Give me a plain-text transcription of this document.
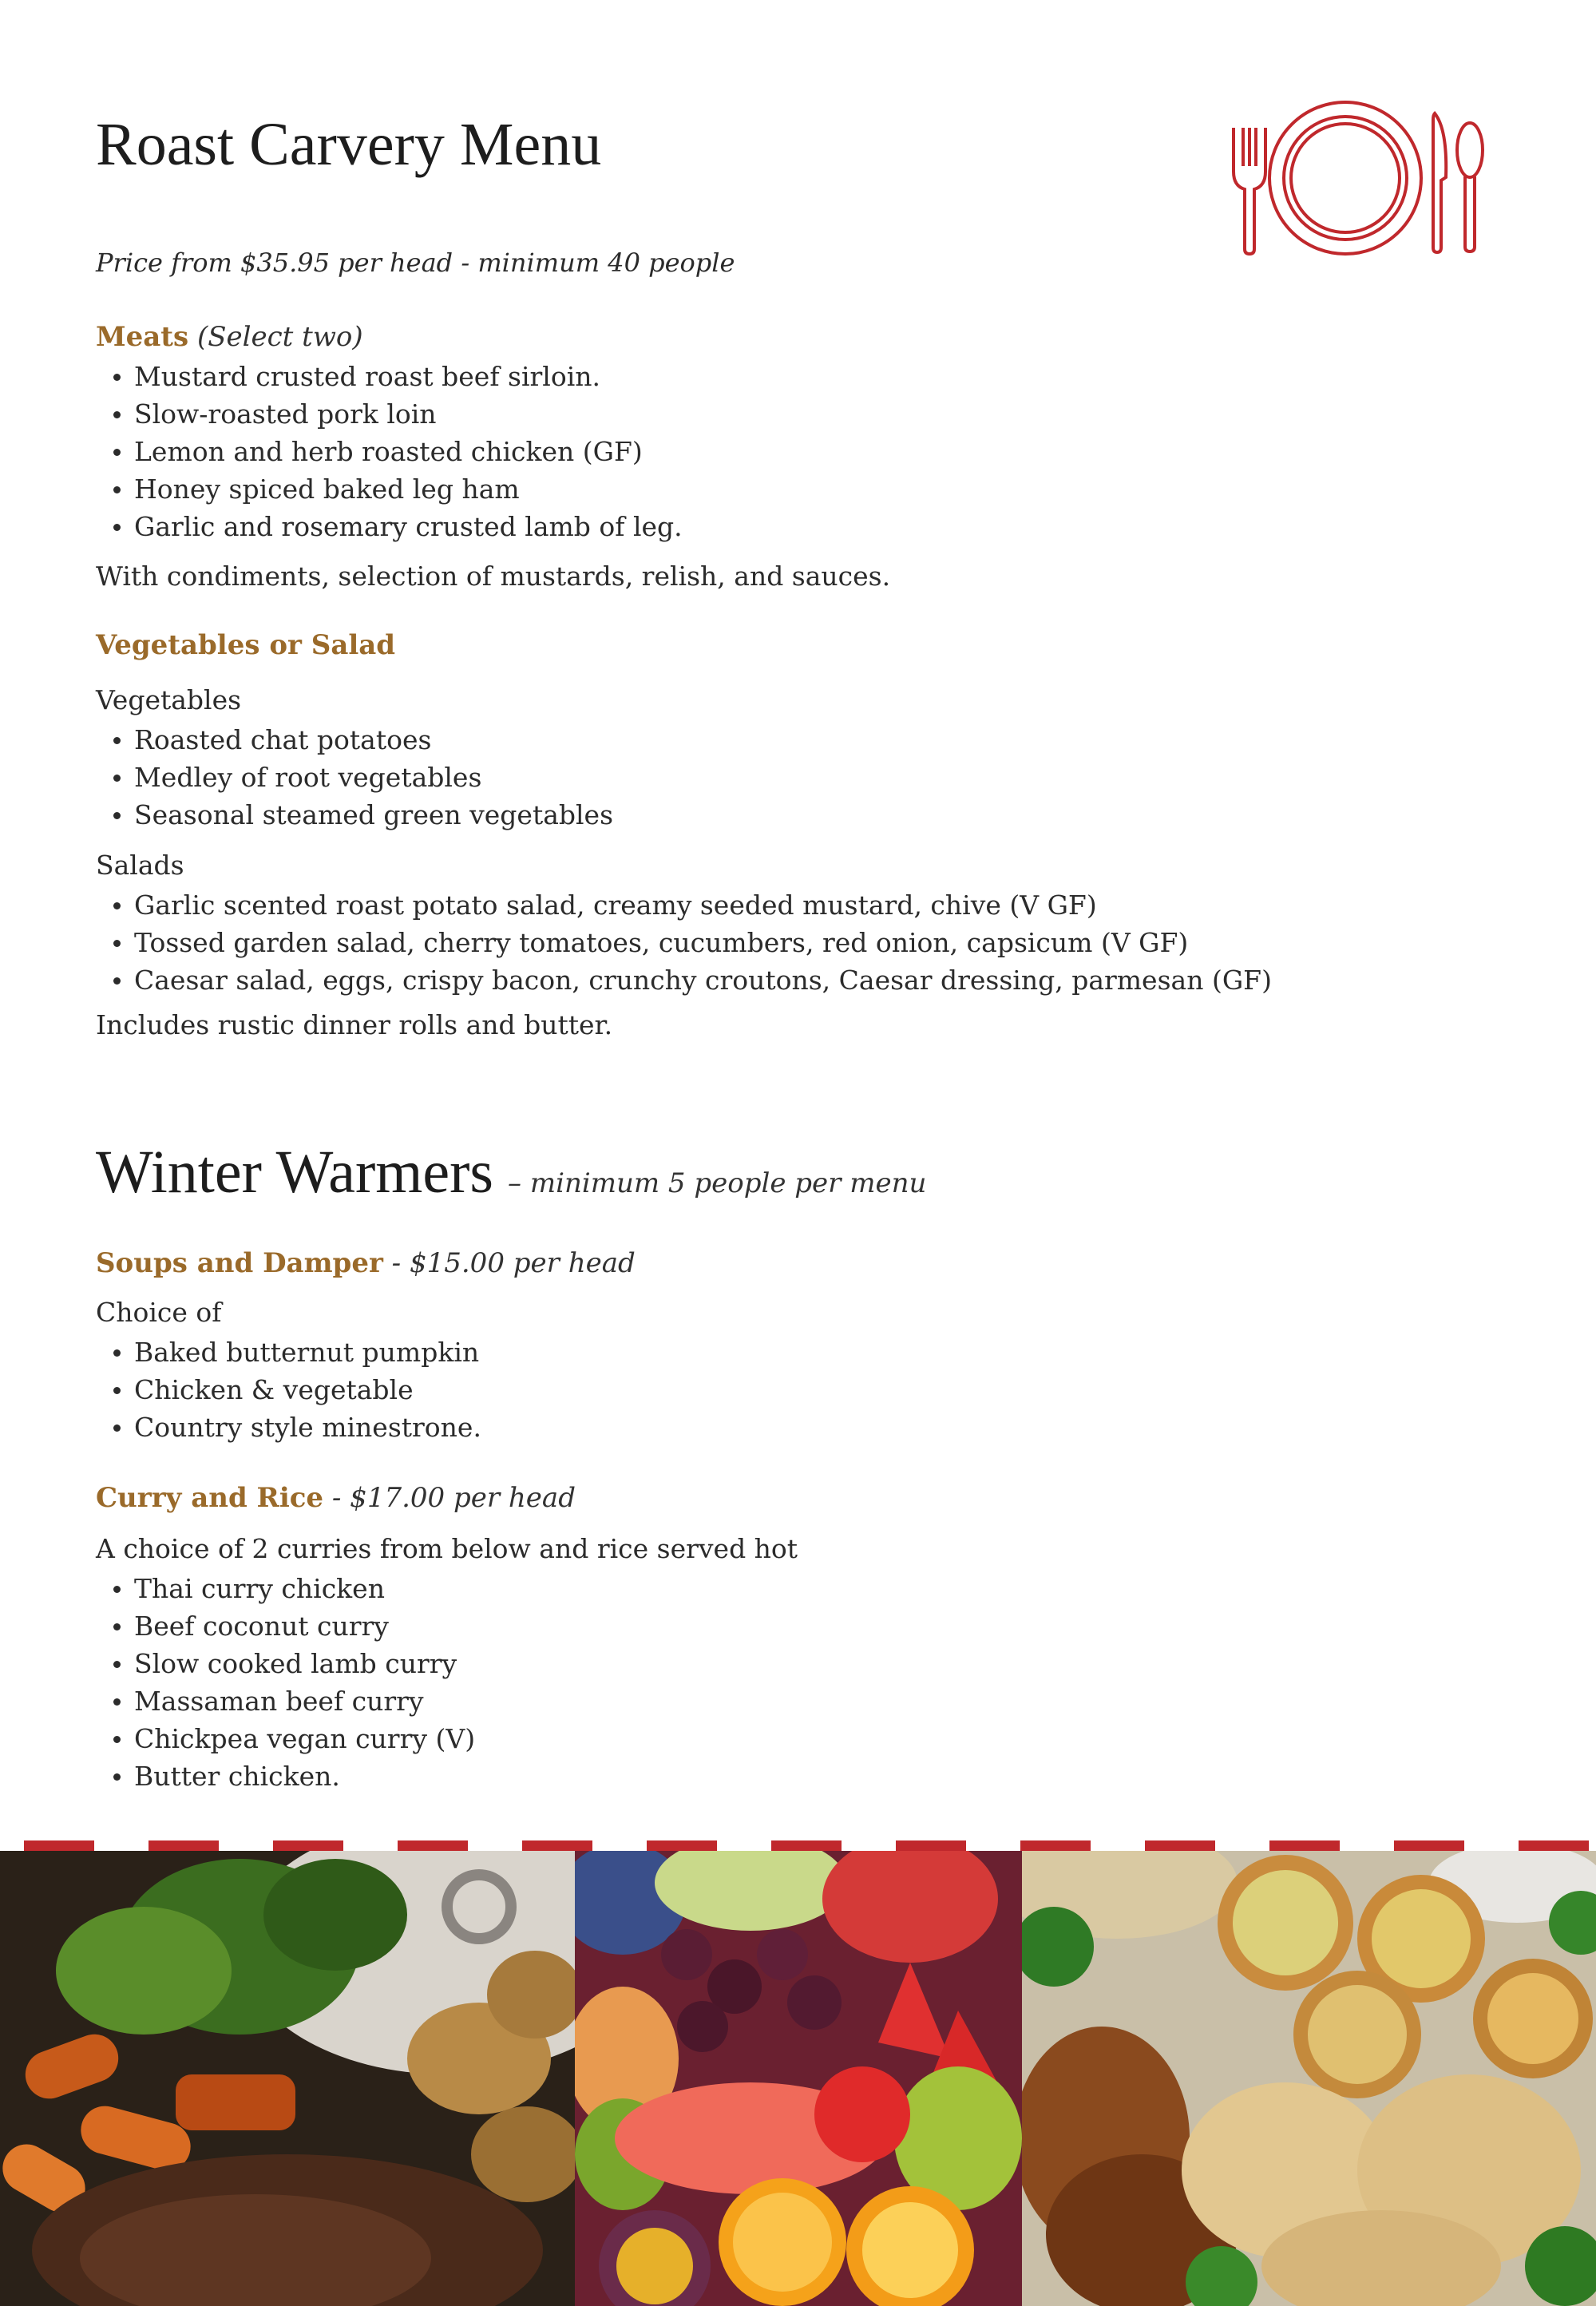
Roast Carvery Menu
Price from $35.95 per head - minimum 40 people
Meats (Select two)
Mustard crusted roast beef sirloin.
Slow-roasted pork loin
Lemon and herb roasted chicken (GF)
Honey spiced baked leg ham
Garlic and rosemary crusted lamb of leg.
With condiments, selection of mustards, relish, and sauces.
Vegetables or Salad
Vegetables
Roasted chat potatoes
Medley of root vegetables
Seasonal steamed green vegetables
Salads
Garlic scented roast potato salad, creamy seeded mustard, chive (V GF)
Tossed garden salad, cherry tomatoes, cucumbers, red onion, capsicum (V GF)
Caesar salad, eggs, crispy bacon, crunchy croutons, Caesar dressing, parmesan (GF)
Includes rustic dinner rolls and butter.
Winter Warmers – minimum 5 people per menu
Soups and Damper - $15.00 per head
Choice of
Baked butternut pumpkin
Chicken & vegetable
Country style minestrone.
Curry and Rice - $17.00 per head
A choice of 2 curries from below and rice served hot
Thai curry chicken
Beef coconut curry
Slow cooked lamb curry
Massaman beef curry
Chickpea vegan curry (V)
Butter chicken.
